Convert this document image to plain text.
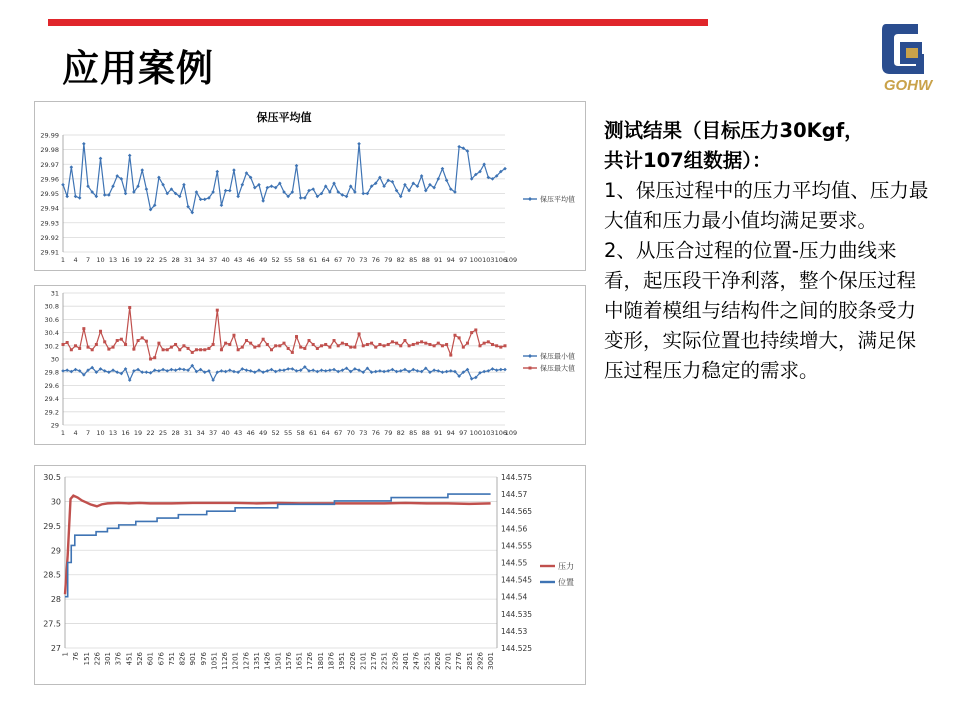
应用案例	GOHW
29.99
29.98
29.97
29.96
29.95
29.94
29.93
29.92
29.91
1 4 7 10 13 16 19 22 25 28 31 34 37 40 43 46 49 52 55 58 61 64 67 70 73 76 79 82 85 88 91 94 97 100 103 106
109
保压平均值
保压平均值
31
30.8
30.6
30.4
30.2
30
29.8
29.6
29.4
29.2
29
1 4 7 10 13 16 19 22 25 28 31 34 37 40 43 46 49 52 55 58 61 64 67 70 73 76 79 82 85 88 91 94 97 100 103 106
109
保压最小值
保压最大值
30.5
30
29.5
29
28.5
28
27.5
27
144.575
144.57
144.565
144.56
144.555
144.55
144.545
144.54
144.535
144.53
144.525
1 76 151 226 301 376 451 526 601 676 751 826 901 976 1051 1126 1201 1276 1351 1426 1501 1576 1651 1726 1801 1876 1951 2026 2101 2176 2251 2326 2401 2476 2551 2626 2701 2776 2851 2926 3001
压力
位置

测试结果（目标压力30Kgf，

共计107组数据）：

1、保压过程中的压力平均值、压力最大值和压力最小值均满足要求。

2、从压合过程的位置-压力曲线来看，起压段干净利落，整个保压过程中随着模组与结构件之间的胶条受力变形，实际位置也持续增大，满足保压过程压力稳定的需求。
